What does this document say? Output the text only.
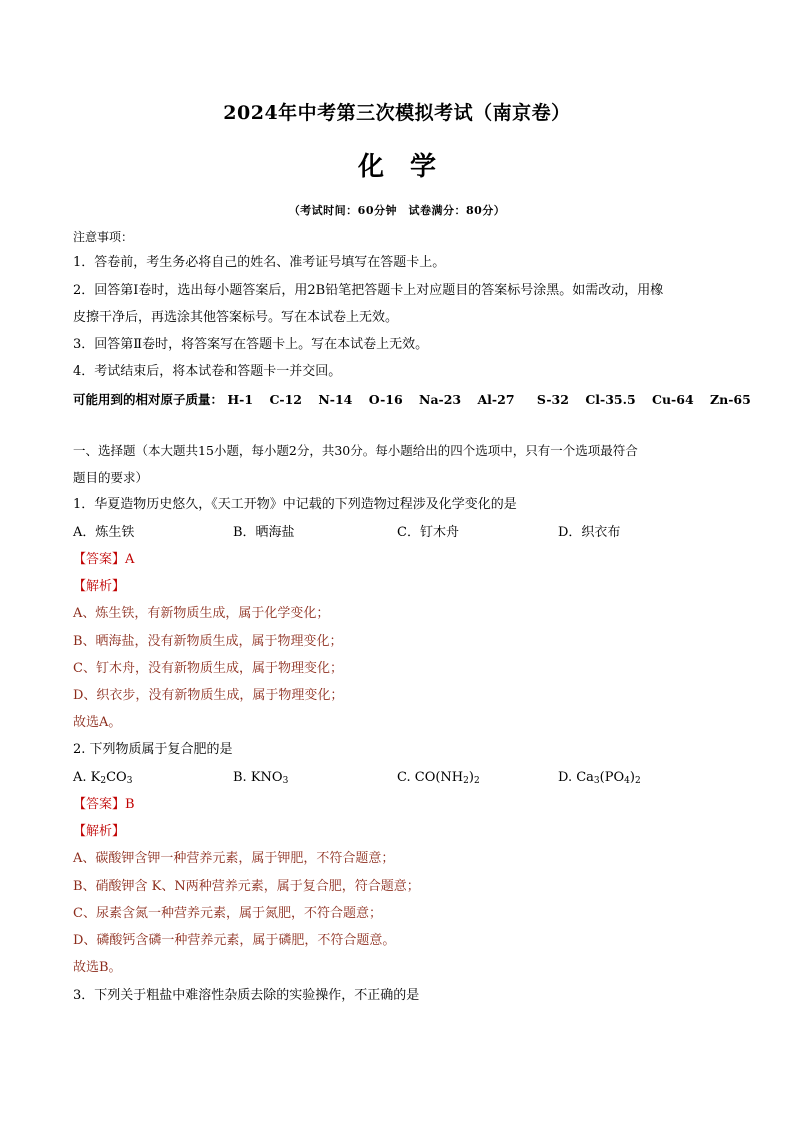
2024年中考第三次模拟考试（南京卷）
化学
（考试时间：60分钟　试卷满分：80分）
注意事项：
1．答卷前，考生务必将自己的姓名、准考证号填写在答题卡上。
2．回答第Ⅰ卷时，选出每小题答案后，用2B铅笔把答题卡上对应题目的答案标号涂黑。如需改动，用橡
皮擦干净后，再选涂其他答案标号。写在本试卷上无效。
3．回答第Ⅱ卷时，将答案写在答题卡上。写在本试卷上无效。
4．考试结束后，将本试卷和答题卡一并交回。
可能用到的相对原子质量： H-1 C-12 N-14 O-16 Na-23 Al-27 S-32 Cl-35.5 Cu-64 Zn-65
一、选择题（本大题共15小题，每小题2分，共30分。每小题给出的四个选项中，只有一个选项最符合
题目的要求）
1．华夏造物历史悠久，《天工开物》中记载的下列造物过程涉及化学变化的是
A．炼生铁	B．晒海盐	C．钉木舟	D．织衣布
【答案】A
【解析】
A、炼生铁，有新物质生成，属于化学变化；
B、晒海盐，没有新物质生成，属于物理变化；
C、钉木舟，没有新物质生成，属于物理变化；
D、织衣步，没有新物质生成，属于物理变化；
故选A。
2. 下列物质属于复合肥的是
A. $K_2CO_3$	B. $KNO_3$	C. $CO(NH_2)_2$	D. $Ca_3(PO_4)_2$
【答案】B
【解析】
A、碳酸钾含钾一种营养元素，属于钾肥，不符合题意；
B、硝酸钾含 K、N两种营养元素，属于复合肥，符合题意；
C、尿素含氮一种营养元素，属于氮肥，不符合题意；
D、磷酸钙含磷一种营养元素，属于磷肥，不符合题意。
故选B。
3．下列关于粗盐中难溶性杂质去除的实验操作，不正确的是
